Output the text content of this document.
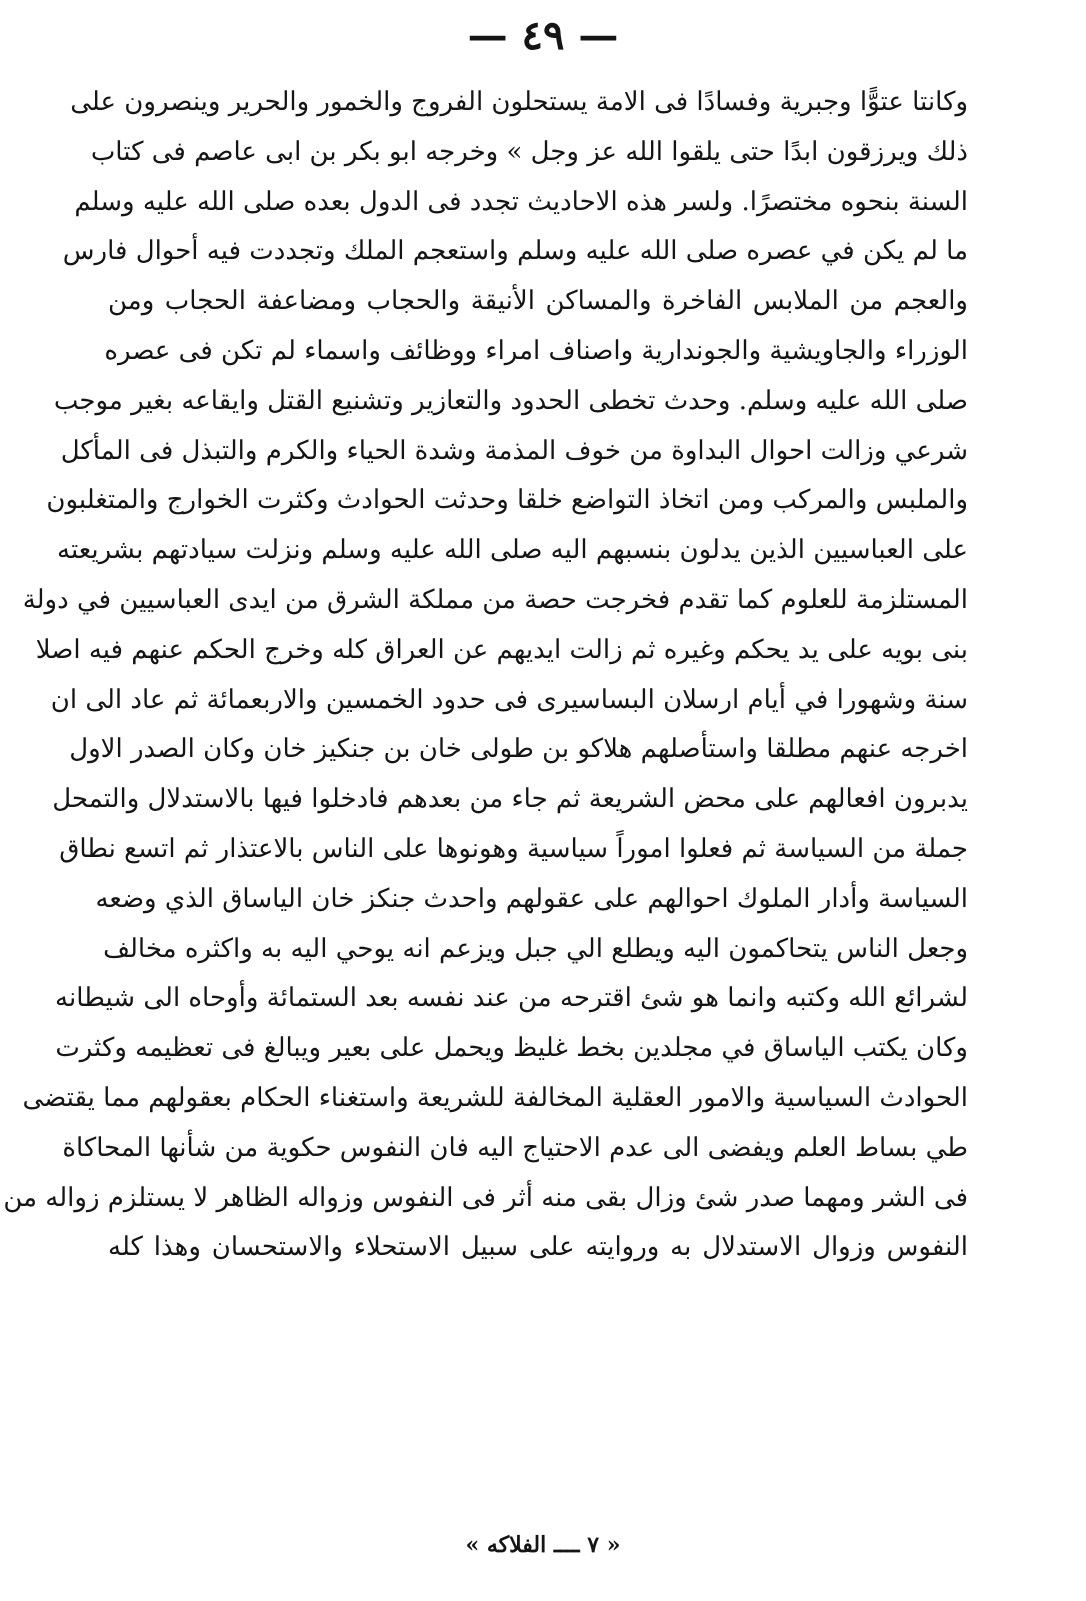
— ٤٩ —
وكانتا عتوًّا وجبرية وفسادًا فى الامة يستحلون الفروج والخمور والحرير وينصرون على
ذلك ويرزقون ابدًا حتى يلقوا الله عز وجل » وخرجه ابو بكر بن ابى عاصم فى كتاب
السنة بنحوه مختصرًا. ولسر هذه الاحاديث تجدد فى الدول بعده صلى الله عليه وسلم
ما لم يكن في عصره صلى الله عليه وسلم واستعجم الملك وتجددت فيه أحوال فارس
والعجم من الملابس الفاخرة والمساكن الأنيقة والحجاب ومضاعفة الحجاب ومن
الوزراء والجاويشية والجوندارية واصناف امراء ووظائف واسماء لم تكن فى عصره
صلى الله عليه وسلم. وحدث تخطى الحدود والتعازير وتشنيع القتل وايقاعه بغير موجب
شرعي وزالت احوال البداوة من خوف المذمة وشدة الحياء والكرم والتبذل فى المأكل
والملبس والمركب ومن اتخاذ التواضع خلقا وحدثت الحوادث وكثرت الخوارج والمتغلبون
على العباسيين الذين يدلون بنسبهم اليه صلى الله عليه وسلم ونزلت سيادتهم بشريعته
المستلزمة للعلوم كما تقدم فخرجت حصة من مملكة الشرق من ايدى العباسيين في دولة
بنى بويه على يد يحكم وغيره ثم زالت ايديهم عن العراق كله وخرج الحكم عنهم فيه اصلا
سنة وشهورا في أيام ارسلان البساسيرى فى حدود الخمسين والاربعمائة ثم عاد الى ان
اخرجه عنهم مطلقا واستأصلهم هلاكو بن طولى خان بن جنكيز خان وكان الصدر الاول
يدبرون افعالهم على محض الشريعة ثم جاء من بعدهم فادخلوا فيها بالاستدلال والتمحل
جملة من السياسة ثم فعلوا اموراً سياسية وهونوها على الناس بالاعتذار ثم اتسع نطاق
السياسة وأدار الملوك احوالهم على عقولهم واحدث جنكز خان الياساق الذي وضعه
وجعل الناس يتحاكمون اليه ويطلع الي جبل ويزعم انه يوحي اليه به واكثره مخالف
لشرائع الله وكتبه وانما هو شئ اقترحه من عند نفسه بعد الستمائة وأوحاه الى شيطانه
وكان يكتب الياساق في مجلدين بخط غليظ ويحمل على بعير ويبالغ فى تعظيمه وكثرت
الحوادث السياسية والامور العقلية المخالفة للشريعة واستغناء الحكام بعقولهم مما يقتضى
طي بساط العلم ويفضى الى عدم الاحتياج اليه فان النفوس حكوية من شأنها المحاكاة
فى الشر ومهما صدر شئ وزال بقى منه أثر فى النفوس وزواله الظاهر لا يستلزم زواله من
النفوس وزوال الاستدلال به وروايته على سبيل الاستحلاء والاستحسان وهذا كله
« ٧ ــــ الفلاكه »
